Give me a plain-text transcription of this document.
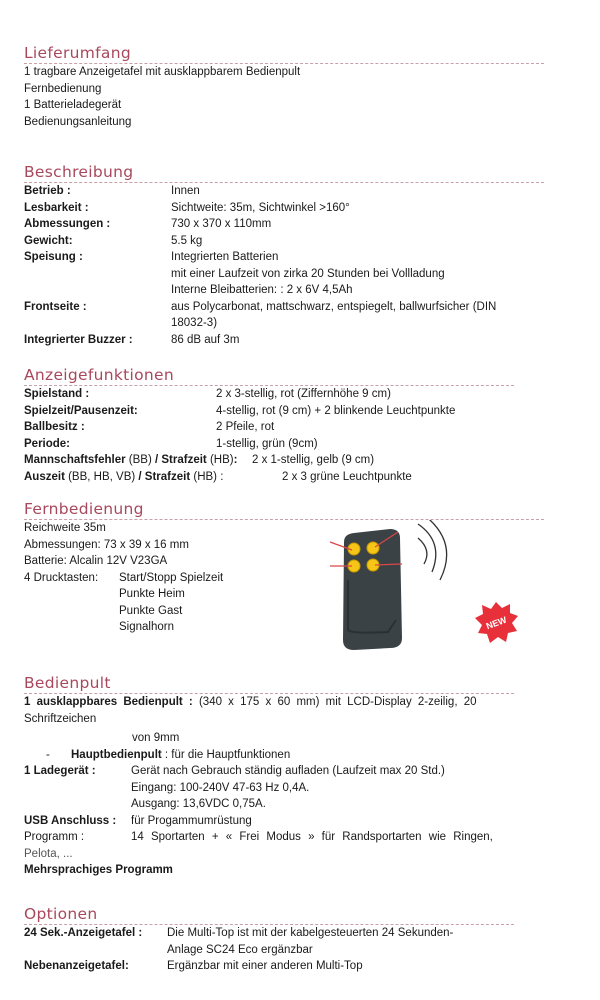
Lieferumfang
1 tragbare Anzeigetafel mit ausklappbarem Bedienpult
Fernbedienung
1 Batterieladegerät
Bedienungsanleitung
Beschreibung
Betrieb :	Innen
Lesbarkeit :	Sichtweite: 35m, Sichtwinkel >160°
Abmessungen :	730 x 370 x 110mm
Gewicht:	5.5 kg
Speisung :	Integrierten Batterien
mit einer Laufzeit von zirka 20 Stunden bei Vollladung
Interne Bleibatterien: : 2 x 6V 4,5Ah
Frontseite :	aus Polycarbonat, mattschwarz, entspiegelt, ballwurfsicher (DIN
18032-3)
Integrierter Buzzer :	86 dB auf 3m
Anzeigefunktionen
Spielstand :	2 x 3-stellig, rot (Ziffernhöhe 9 cm)
Spielzeit/Pausenzeit:	4-stellig, rot (9 cm) + 2 blinkende Leuchtpunkte
Ballbesitz :	2 Pfeile, rot
Periode:	1-stellig, grün (9cm)
Mannschaftsfehler (BB) / Strafzeit (HB):	2 x 1-stellig, gelb (9 cm)
Auszeit (BB, HB, VB) / Strafzeit (HB) :	2 x 3 grüne Leuchtpunkte
Fernbedienung
Reichweite 35m
Abmessungen: 73 x 39 x 16 mm
Batterie: Alcalin 12V V23GA
4 Drucktasten:	Start/Stopp Spielzeit
Punkte Heim
Punkte Gast
Signalhorn	NEW
Bedienpult
1 ausklappbares Bedienpult : (340 x 175 x 60 mm) mit LCD-Display 2-zeilig, 20
Schriftzeichen
von 9mm
- Hauptbedienpult : für die Hauptfunktionen
1 Ladegerät :	Gerät nach Gebrauch ständig aufladen (Laufzeit max 20 Std.)
Eingang: 100-240V 47-63 Hz 0,4A.
Ausgang: 13,6VDC 0,75A.
USB Anschluss :	für Progammumrüstung
Programm :	14 Sportarten + « Frei Modus » für Randsportarten wie Ringen,
Pelota, ...
Mehrsprachiges Programm
Optionen
24 Sek.-Anzeigetafel :	Die Multi-Top ist mit der kabelgesteuerten 24 Sekunden-
Anlage SC24 Eco ergänzbar
Nebenanzeigetafel:	Ergänzbar mit einer anderen Multi-Top
